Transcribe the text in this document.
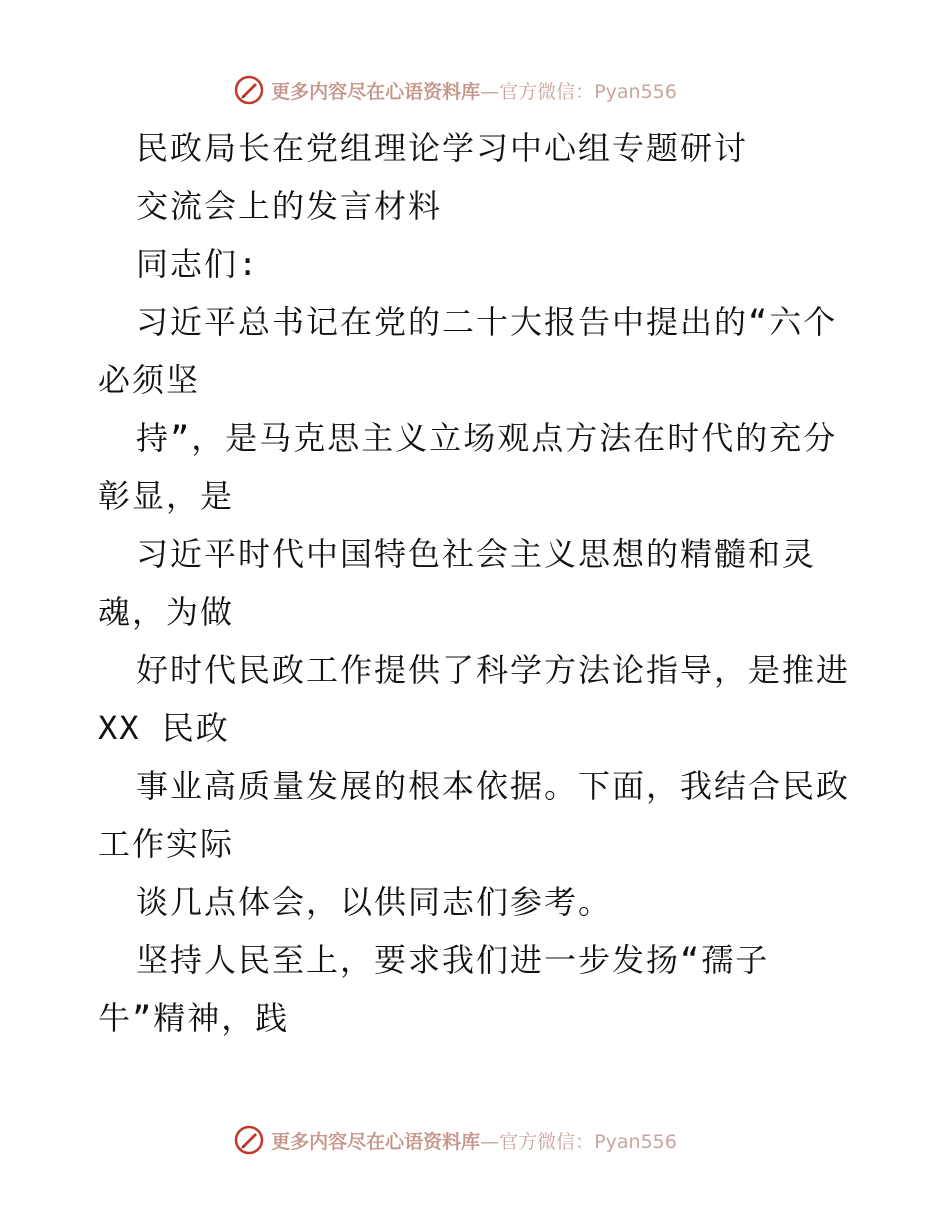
更多内容尽在心语资料库—官方微信：Pyan556
民政局长在党组理论学习中心组专题研讨
交流会上的发言材料
同志们:
习近平总书记在党的二十大报告中提出的“六个
必须坚
持”，是马克思主义立场观点方法在时代的充分
彰显，是
习近平时代中国特色社会主义思想的精髓和灵
魂，为做
好时代民政工作提供了科学方法论指导，是推进
XX 民政
事业高质量发展的根本依据。下面，我结合民政
工作实际
谈几点体会，以供同志们参考。
坚持人民至上，要求我们进一步发扬“孺子
牛”精神，践
更多内容尽在心语资料库—官方微信：Pyan556
